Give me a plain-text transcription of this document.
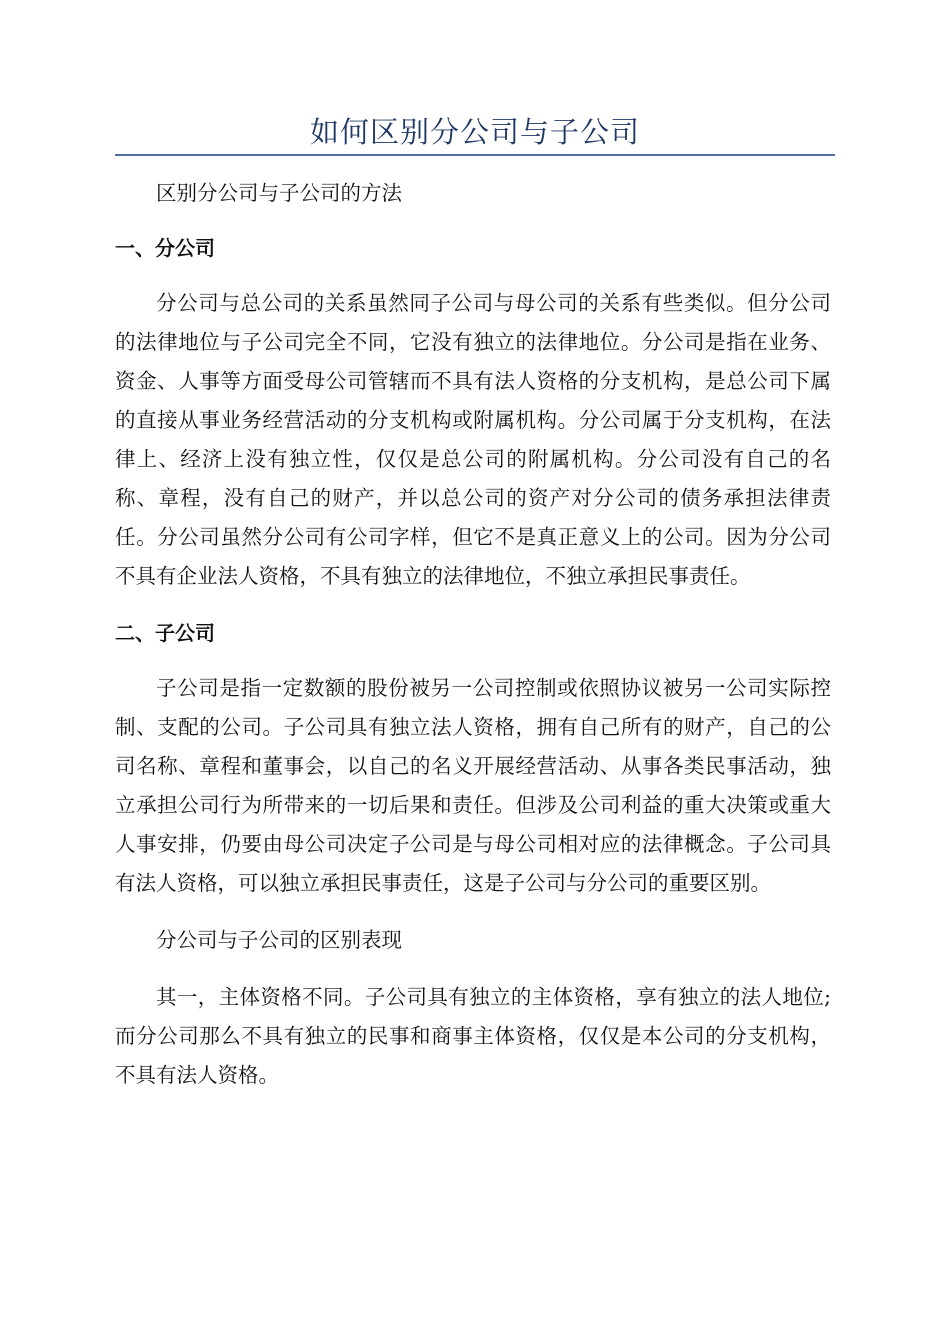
如何区别分公司与子公司

区别分公司与子公司的方法

一、分公司

分公司与总公司的关系虽然同子公司与母公司的关系有些类似。但分公司的法律地位与子公司完全不同，它没有独立的法律地位。分公司是指在业务、资金、人事等方面受母公司管辖而不具有法人资格的分支机构，是总公司下属的直接从事业务经营活动的分支机构或附属机构。分公司属于分支机构，在法律上、经济上没有独立性，仅仅是总公司的附属机构。分公司没有自己的名称、章程，没有自己的财产，并以总公司的资产对分公司的债务承担法律责任。分公司虽然分公司有公司字样，但它不是真正意义上的公司。因为分公司不具有企业法人资格，不具有独立的法律地位，不独立承担民事责任。

二、子公司

子公司是指一定数额的股份被另一公司控制或依照协议被另一公司实际控制、支配的公司。子公司具有独立法人资格，拥有自己所有的财产，自己的公司名称、章程和董事会，以自己的名义开展经营活动、从事各类民事活动，独立承担公司行为所带来的一切后果和责任。但涉及公司利益的重大决策或重大人事安排，仍要由母公司决定子公司是与母公司相对应的法律概念。子公司具有法人资格，可以独立承担民事责任，这是子公司与分公司的重要区别。

分公司与子公司的区别表现

其一，主体资格不同。子公司具有独立的主体资格，享有独立的法人地位;而分公司那么不具有独立的民事和商事主体资格，仅仅是本公司的分支机构，不具有法人资格。
